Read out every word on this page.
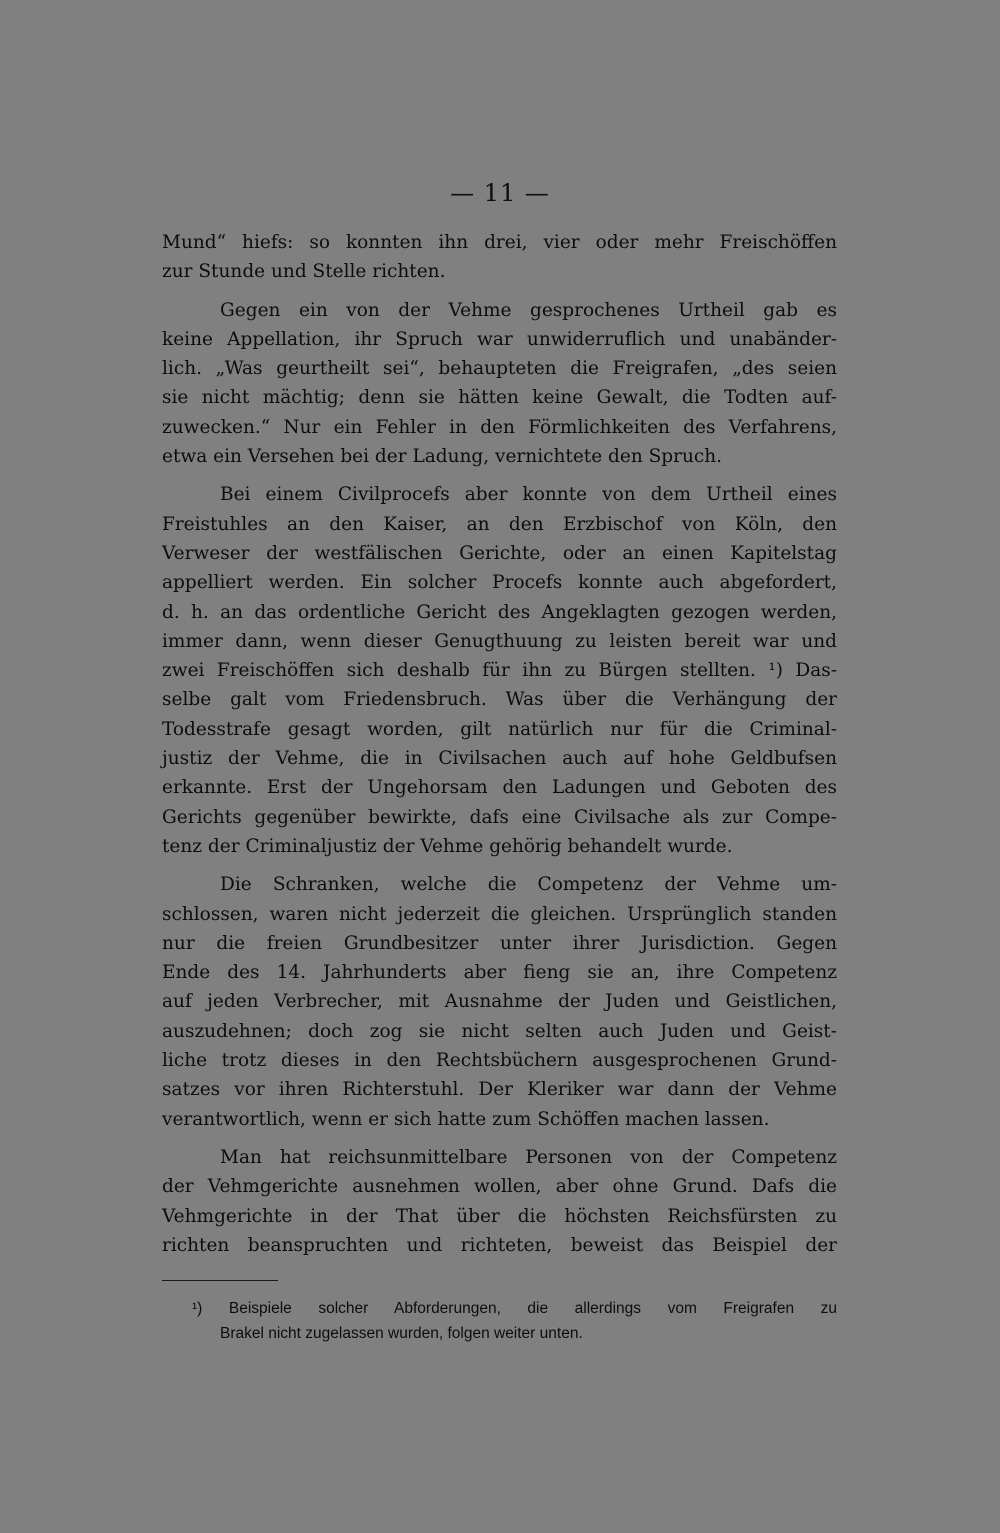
— 11 —
Mund“ hiefs: so konnten ihn drei, vier oder mehr Freischöffen
zur Stunde und Stelle richten.
Gegen ein von der Vehme gesprochenes Urtheil gab es
keine Appellation, ihr Spruch war unwiderruflich und unabänder-
lich. „Was geurtheilt sei“, behaupteten die Freigrafen, „des seien
sie nicht mächtig; denn sie hätten keine Gewalt, die Todten auf-
zuwecken.“ Nur ein Fehler in den Förmlichkeiten des Verfahrens,
etwa ein Versehen bei der Ladung, vernichtete den Spruch.
Bei einem Civilprocefs aber konnte von dem Urtheil eines
Freistuhles an den Kaiser, an den Erzbischof von Köln, den
Verweser der westfälischen Gerichte, oder an einen Kapitelstag
appelliert werden. Ein solcher Procefs konnte auch abgefordert,
d. h. an das ordentliche Gericht des Angeklagten gezogen werden,
immer dann, wenn dieser Genugthuung zu leisten bereit war und
zwei Freischöffen sich deshalb für ihn zu Bürgen stellten. ¹) Das-
selbe galt vom Friedensbruch. Was über die Verhängung der
Todesstrafe gesagt worden, gilt natürlich nur für die Criminal-
justiz der Vehme, die in Civilsachen auch auf hohe Geldbufsen
erkannte. Erst der Ungehorsam den Ladungen und Geboten des
Gerichts gegenüber bewirkte, dafs eine Civilsache als zur Compe-
tenz der Criminaljustiz der Vehme gehörig behandelt wurde.
Die Schranken, welche die Competenz der Vehme um-
schlossen, waren nicht jederzeit die gleichen. Ursprünglich standen
nur die freien Grundbesitzer unter ihrer Jurisdiction. Gegen
Ende des 14. Jahrhunderts aber fieng sie an, ihre Competenz
auf jeden Verbrecher, mit Ausnahme der Juden und Geistlichen,
auszudehnen; doch zog sie nicht selten auch Juden und Geist-
liche trotz dieses in den Rechtsbüchern ausgesprochenen Grund-
satzes vor ihren Richterstuhl. Der Kleriker war dann der Vehme
verantwortlich, wenn er sich hatte zum Schöffen machen lassen.
Man hat reichsunmittelbare Personen von der Competenz
der Vehmgerichte ausnehmen wollen, aber ohne Grund. Dafs die
Vehmgerichte in der That über die höchsten Reichsfürsten zu
richten beanspruchten und richteten, beweist das Beispiel der
¹) Beispiele solcher Abforderungen, die allerdings vom Freigrafen zu
Brakel nicht zugelassen wurden, folgen weiter unten.
